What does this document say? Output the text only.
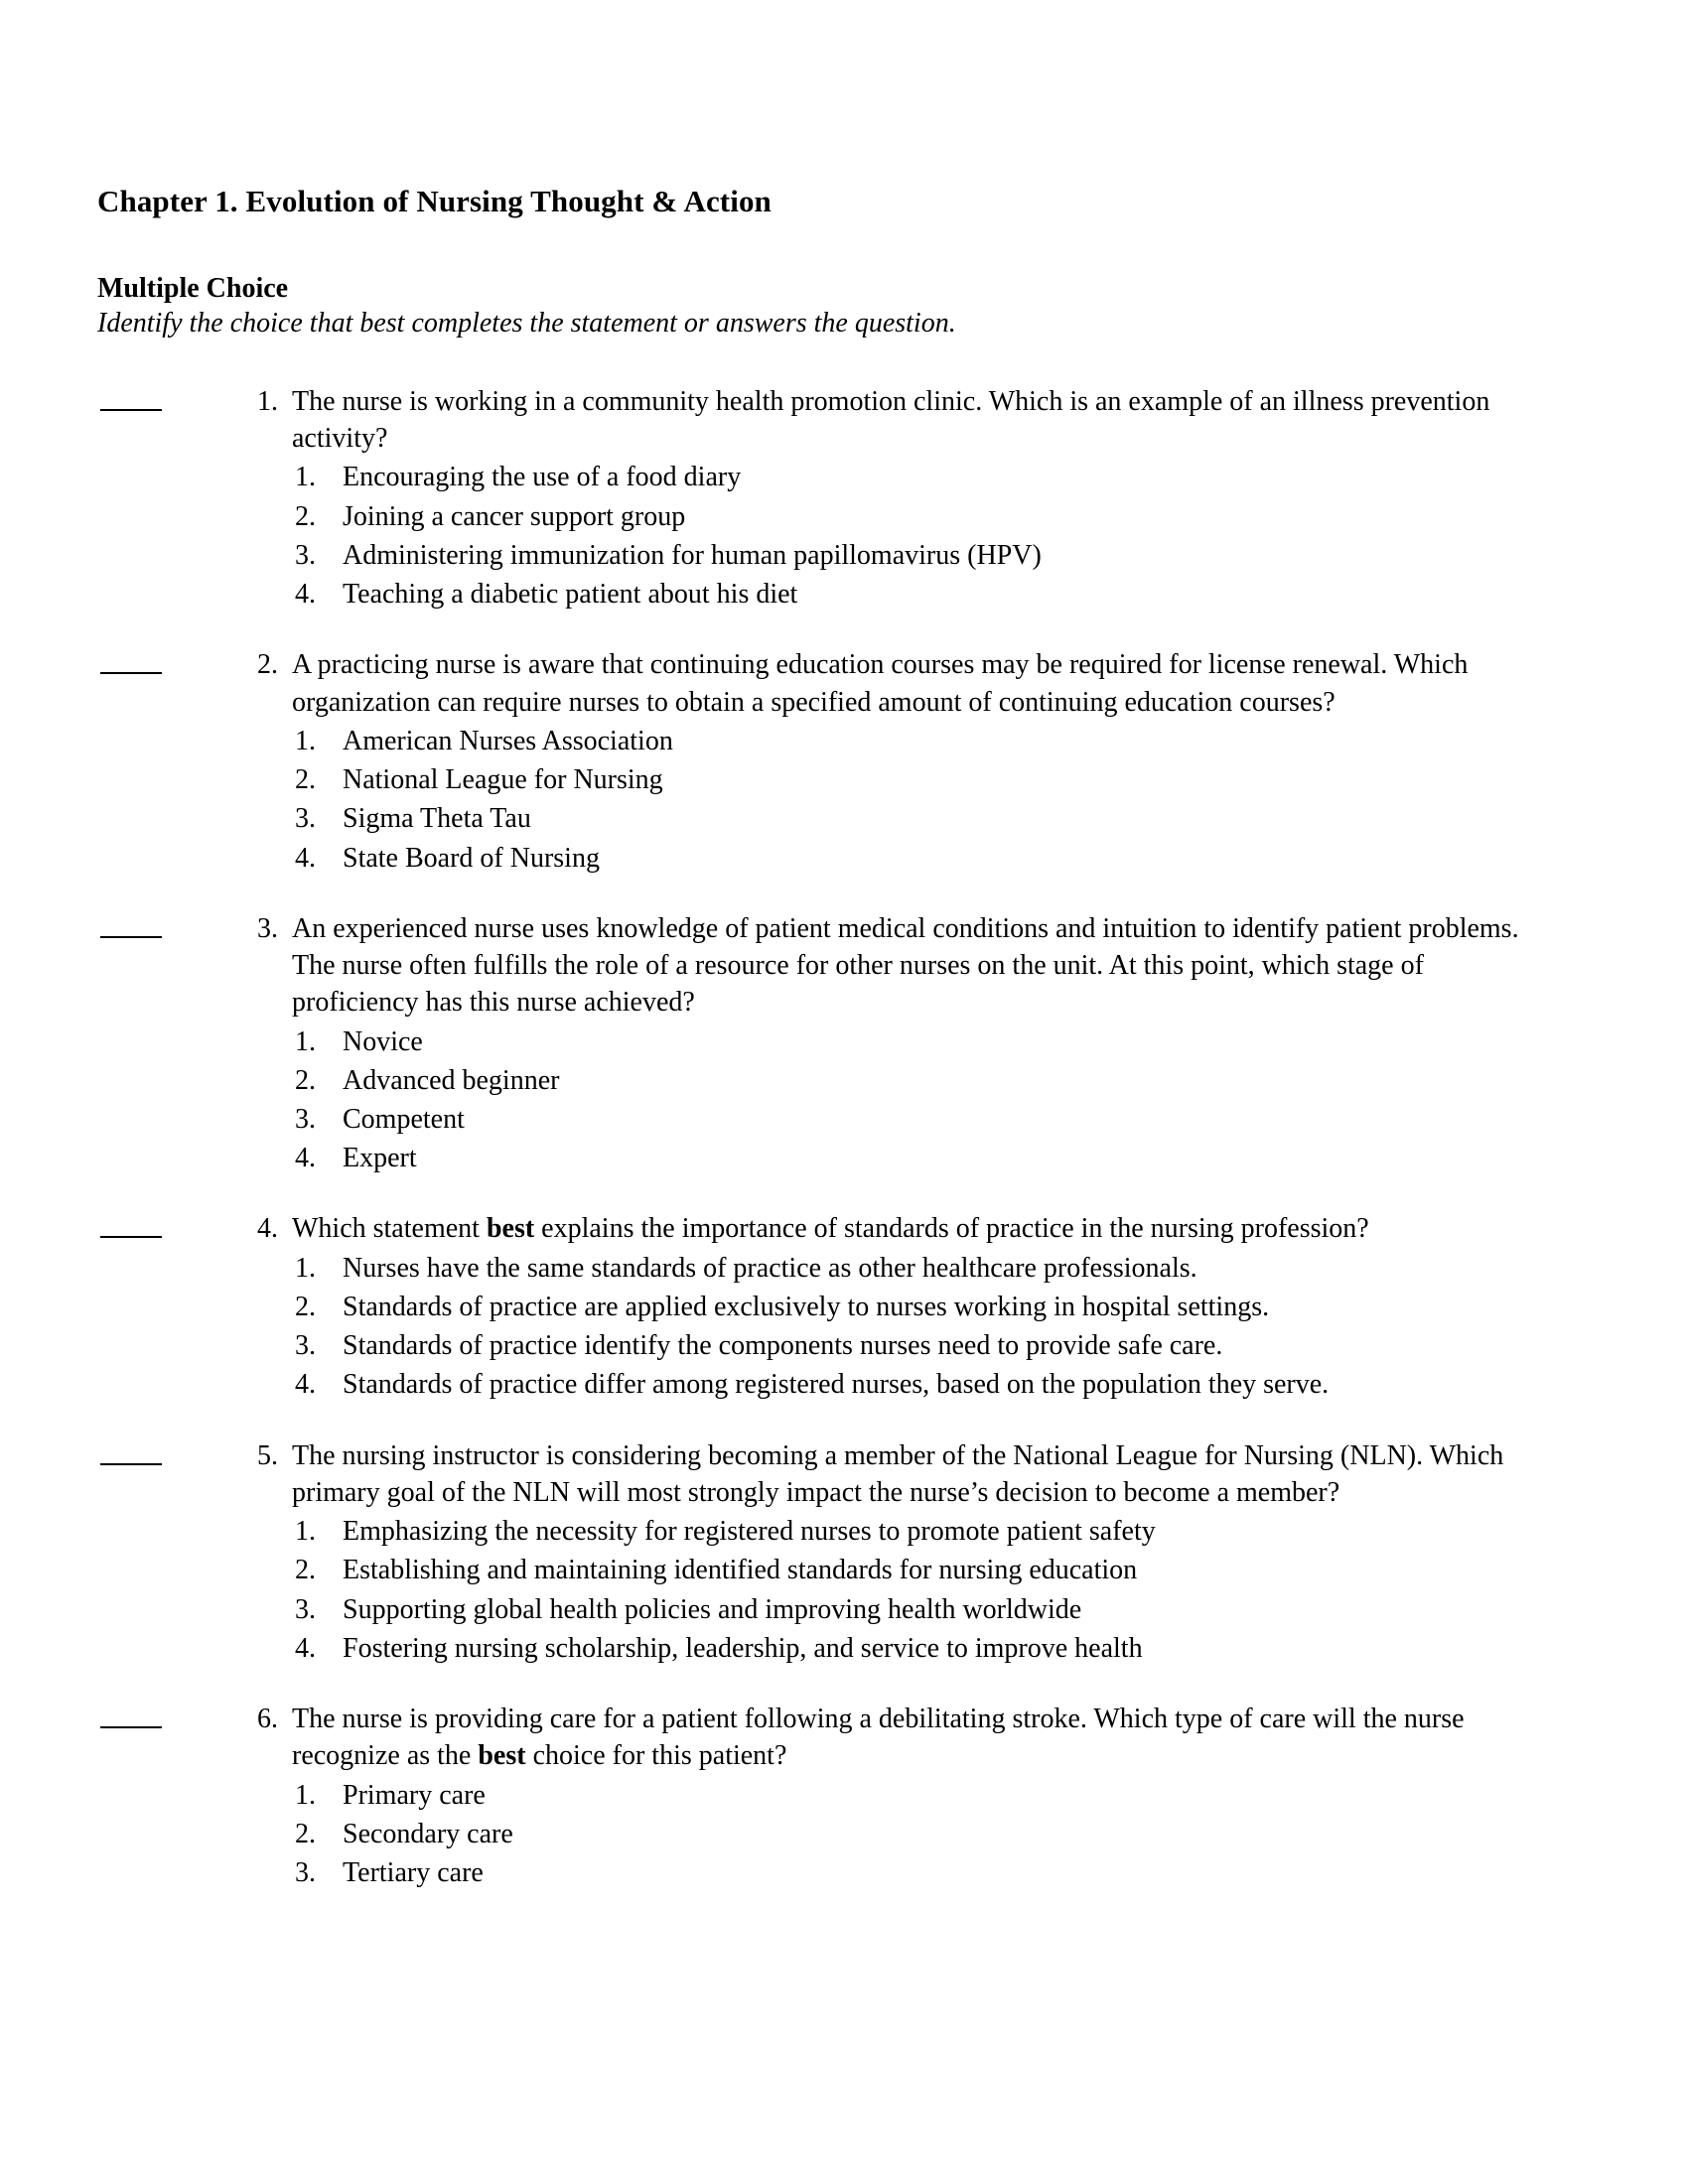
Chapter 1. Evolution of Nursing Thought & Action
Multiple Choice

Identify the choice that best completes the statement or answers the question.

1. The nurse is working in a community health promotion clinic. Which is an example of an illness prevention activity?

1. Encouraging the use of a food diary
2. Joining a cancer support group
3. Administering immunization for human papillomavirus (HPV)
4. Teaching a diabetic patient about his diet
2. A practicing nurse is aware that continuing education courses may be required for license renewal. Which organization can require nurses to obtain a specified amount of continuing education courses?

1. American Nurses Association
2. National League for Nursing
3. Sigma Theta Tau
4. State Board of Nursing
3. An experienced nurse uses knowledge of patient medical conditions and intuition to identify patient problems. The nurse often fulfills the role of a resource for other nurses on the unit. At this point, which stage of proficiency has this nurse achieved?

1. Novice
2. Advanced beginner
3. Competent
4. Expert
4. Which statement best explains the importance of standards of practice in the nursing profession?

1. Nurses have the same standards of practice as other healthcare professionals.
2. Standards of practice are applied exclusively to nurses working in hospital settings.
3. Standards of practice identify the components nurses need to provide safe care.
4. Standards of practice differ among registered nurses, based on the population they serve.
5. The nursing instructor is considering becoming a member of the National League for Nursing (NLN). Which primary goal of the NLN will most strongly impact the nurse’s decision to become a member?

1. Emphasizing the necessity for registered nurses to promote patient safety
2. Establishing and maintaining identified standards for nursing education
3. Supporting global health policies and improving health worldwide
4. Fostering nursing scholarship, leadership, and service to improve health
6. The nurse is providing care for a patient following a debilitating stroke. Which type of care will the nurse recognize as the best choice for this patient?

1. Primary care
2. Secondary care
3. Tertiary care
